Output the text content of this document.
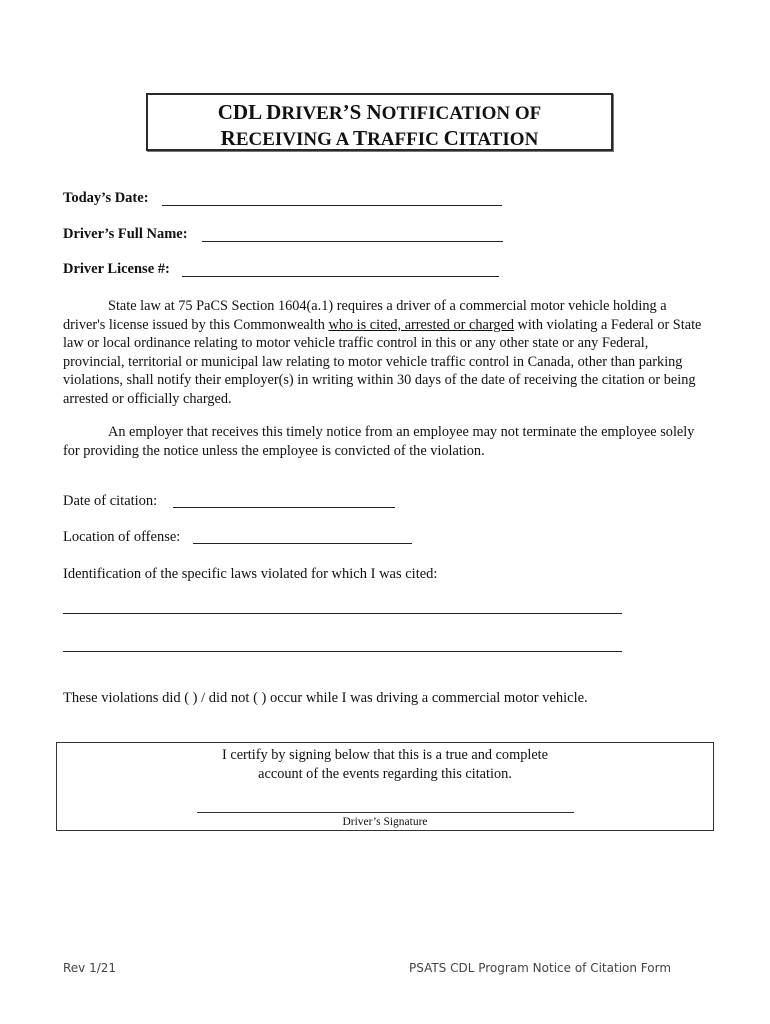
CDL DRIVER’S NOTIFICATION OF
RECEIVING A TRAFFIC CITATION
Today’s Date:
Driver’s Full Name:
Driver License #:
State law at 75 PaCS Section 1604(a.1) requires a driver of a commercial motor vehicle holding a driver's license issued by this Commonwealth who is cited, arrested or charged with violating a Federal or State law or local ordinance relating to motor vehicle traffic control in this or any other state or any Federal, provincial, territorial or municipal law relating to motor vehicle traffic control in Canada, other than parking violations, shall notify their employer(s) in writing within 30 days of the date of receiving the citation or being arrested or officially charged.
An employer that receives this timely notice from an employee may not terminate the employee solely for providing the notice unless the employee is convicted of the violation.
Date of citation:
Location of offense:
Identification of the specific laws violated for which I was cited:
These violations did ( ) / did not ( ) occur while I was driving a commercial motor vehicle.
I certify by signing below that this is a true and complete
account of the events regarding this citation.
Driver’s Signature
Rev 1/21	PSATS CDL Program Notice of Citation Form
